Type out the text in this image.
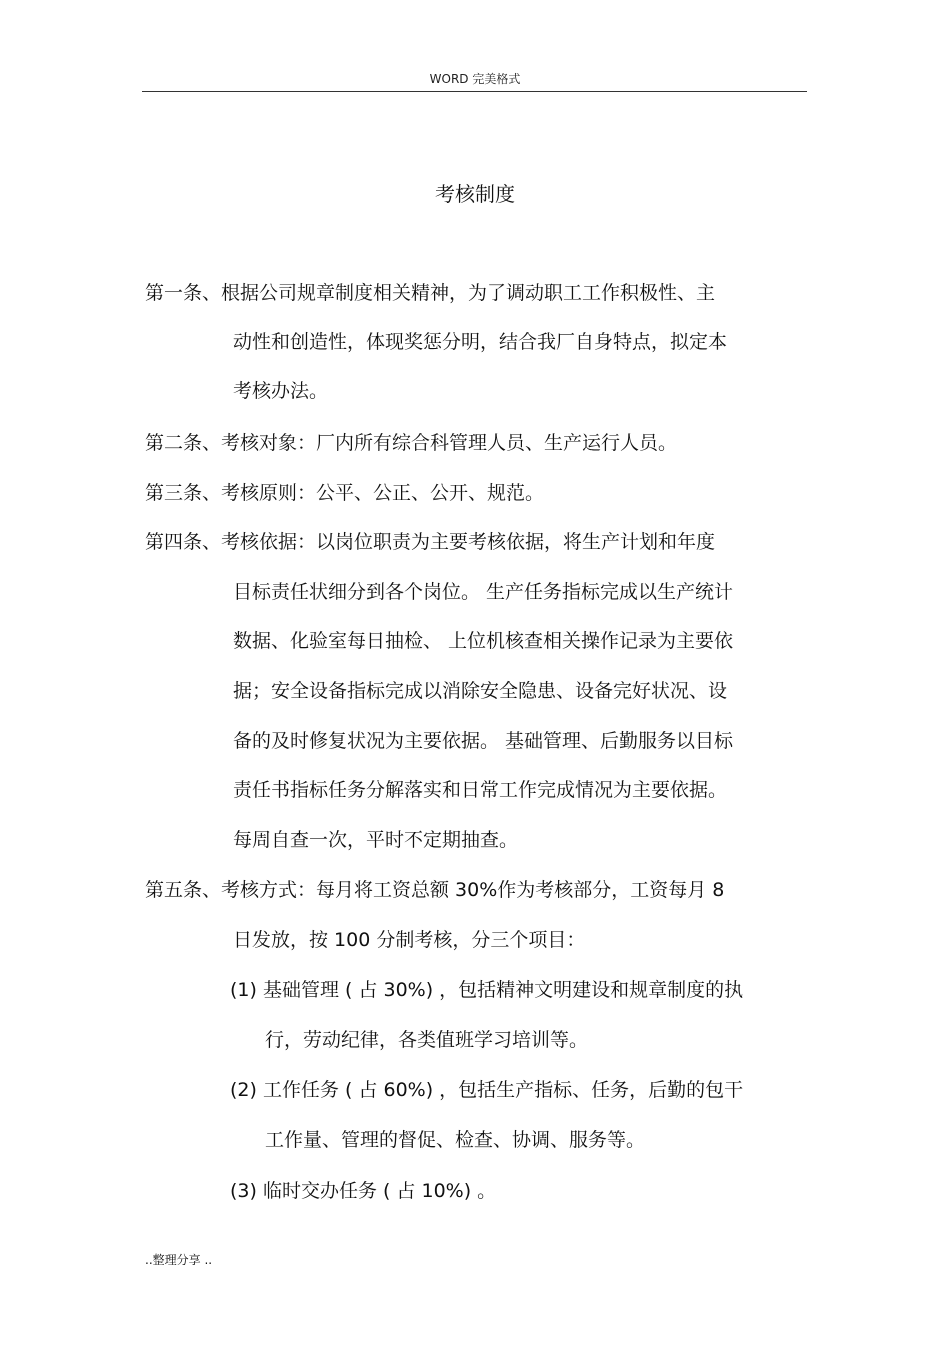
WORD 完美格式
考核制度
第一条、根据公司规章制度相关精神，为了调动职工工作积极性、主
动性和创造性，体现奖惩分明，结合我厂自身特点，拟定本
考核办法。
第二条、考核对象：厂内所有综合科管理人员、生产运行人员。
第三条、考核原则：公平、公正、公开、规范。
第四条、考核依据：以岗位职责为主要考核依据，将生产计划和年度
目标责任状细分到各个岗位。 生产任务指标完成以生产统计
数据、化验室每日抽检、 上位机核查相关操作记录为主要依
据；安全设备指标完成以消除安全隐患、设备完好状况、设
备的及时修复状况为主要依据。 基础管理、后勤服务以目标
责任书指标任务分解落实和日常工作完成情况为主要依据。
每周自查一次，平时不定期抽查。
第五条、考核方式：每月将工资总额 30%作为考核部分，工资每月 8
日发放，按 100 分制考核，分三个项目：
(1) 基础管理 ( 占 30%) ，包括精神文明建设和规章制度的执
行，劳动纪律，各类值班学习培训等。
(2) 工作任务 ( 占 60%) ，包括生产指标、任务，后勤的包干
工作量、管理的督促、检查、协调、服务等。
(3) 临时交办任务 ( 占 10%) 。
..整理分享 ..
